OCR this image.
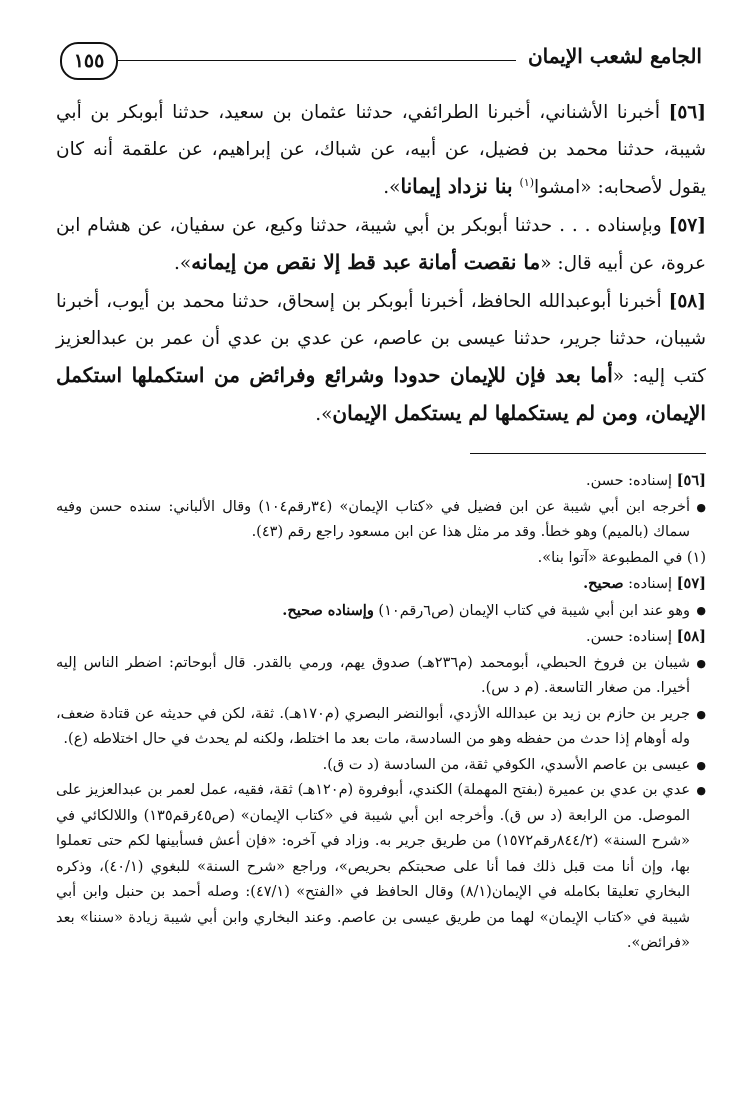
الجامع لشعب الإيمان
١٥٥

[٥٦] أخبرنا الأشناني، أخبرنا الطرائفي، حدثنا عثمان بن سعيد، حدثنا أبوبكر بن أبي شيبة، حدثنا محمد بن فضيل، عن أبيه، عن شباك، عن إبراهيم، عن علقمة أنه كان يقول لأصحابه: «امشوا$^{(١)}$ بنا نزداد إيمانا».

[٥٧] وبإسناده . . . حدثنا أبوبكر بن أبي شيبة، حدثنا وكيع، عن سفيان، عن هشام ابن عروة، عن أبيه قال: «ما نقصت أمانة عبد قط إلا نقص من إيمانه».

[٥٨] أخبرنا أبوعبدالله الحافظ، أخبرنا أبوبكر بن إسحاق، حدثنا محمد بن أيوب، أخبرنا شيبان، حدثنا جرير، حدثنا عيسى بن عاصم، عن عدي بن عدي أن عمر بن عبدالعزيز كتب إليه: «أما بعد فإن للإيمان حدودا وشرائع وفرائض من استكملها استكمل الإيمان، ومن لم يستكملها لم يستكمل الإيمان».

[٥٦] إسناده: حسن.

● أخرجه ابن أبي شيبة عن ابن فضيل في «كتاب الإيمان» (٣٤رقم١٠٤) وقال الألباني: سنده حسن وفيه سماك (بالميم) وهو خطأ. وقد مر مثل هذا عن ابن مسعود راجع رقم (٤٣).

(١) في المطبوعة «آتوا بنا».

[٥٧] إسناده: صحيح.

● وهو عند ابن أبي شيبة في كتاب الإيمان (ص٦رقم١٠) وإسناده صحيح.

[٥٨] إسناده: حسن.

● شيبان بن فروخ الحبطي، أبومحمد (م٢٣٦هـ) صدوق يهم، ورمي بالقدر. قال أبوحاتم: اضطر الناس إليه أخيرا. من صغار التاسعة. (م د س).

● جرير بن حازم بن زيد بن عبدالله الأزدي، أبوالنضر البصري (م١٧٠هـ). ثقة، لكن في حديثه عن قتادة ضعف، وله أوهام إذا حدث من حفظه وهو من السادسة، مات بعد ما اختلط، ولكنه لم يحدث في حال اختلاطه (ع).

● عيسى بن عاصم الأسدي، الكوفي ثقة، من السادسة (د ت ق).

● عدي بن عدي بن عميرة (بفتح المهملة) الكندي، أبوفروة (م١٢٠هـ) ثقة، فقيه، عمل لعمر بن عبدالعزيز على الموصل. من الرابعة (د س ق). وأخرجه ابن أبي شيبة في «كتاب الإيمان» (ص٤٥رقم١٣٥) واللالكائي في «شرح السنة» (٨٤٤/٢رقم١٥٧٢) من طريق جرير به. وزاد في آخره: «فإن أعش فسأبينها لكم حتى تعملوا بها، وإن أنا مت قبل ذلك فما أنا على صحبتكم بحريص»، وراجع «شرح السنة» للبغوي (٤٠/١)، وذكره البخاري تعليقا بكامله في الإيمان(٨/١) وقال الحافظ في «الفتح» (٤٧/١): وصله أحمد بن حنبل وابن أبي شيبة في «كتاب الإيمان» لهما من طريق عيسى بن عاصم. وعند البخاري وابن أبي شيبة زيادة «سننا» بعد «فرائض».
